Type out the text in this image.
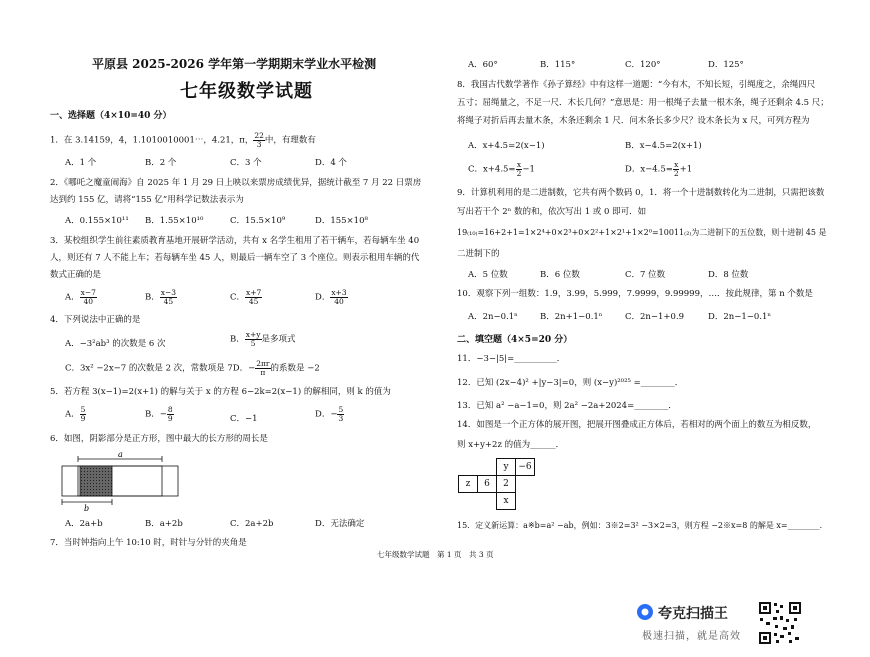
平原县 2025-2026 学年第一学期期末学业水平检测
七年级数学试题
一、选择题（4×10=40 分）
1．在 3.14159，4，1.1010010001⋯，4.21，π， $\frac{22}{3}$ 中，有理数有
A．1 个	B．2 个	C．3 个	D．4 个
2．《哪吒之魔童闹海》自 2025 年 1 月 29 日上映以来票房成绩优异，据统计截至 7 月 22 日票房
达到约 155 亿，请将“155 亿”用科学记数法表示为
A．0.155×10¹¹ B．1.55×10¹⁰	C．15.5×10⁹	D．155×10⁸
3．某校组织学生前往素质教育基地开展研学活动，共有 x 名学生租用了若干辆车，若每辆车坐 40
人，则还有 7 人不能上车；若每辆车坐 45 人，则最后一辆车空了 3 个座位。则表示租用车辆的代
数式正确的是
A． $\frac{x-7}{40}$	B． $\frac{x-3}{45}$	C． $\frac{x+7}{45}$	D． $\frac{x+3}{40}$
4．下列说法中正确的是
A．−3²ab³ 的次数是 6 次	B． $\frac{x+y}{5}$ 是多项式
C．3x² −2x−7 的次数是 2 次，常数项是 7D．− $\frac{2\pi r}{\pi}$ 的系数是 −2
5．若方程 3(x−1)=2(x+1) 的解与关于 x 的方程 6−2k=2(x−1) 的解相同，则 k 的值为
A． $\frac{5}{9}$	B．− $\frac{8}{9}$	C．−1	D．− $\frac{5}{3}$
6．如图，阴影部分是正方形，图中最大的长方形的周长是
a
b
A．2a+b	B．a+2b	C．2a+2b	D．无法确定
7．当时钟指向上午 10:10 时，时针与分针的夹角是
A．60°	B．115°	C．120°	D．125°
8．我国古代数学著作《孙子算经》中有这样一道题：“今有木，不知长短，引绳度之，余绳四尺
五寸；屈绳量之，不足一尺．木长几何？”意思是：用一根绳子去量一根木条，绳子还剩余 4.5 尺；
将绳子对折后再去量木条，木条还剩余 1 尺．问木条长多少尺？设木条长为 x 尺，可列方程为
A．x+4.5=2(x−1)	B．x−4.5=2(x+1)
C．$x+4.5= \frac{x}{2} -1$	D．$x-4.5= \frac{x}{2} +1$
9．计算机利用的是二进制数，它共有两个数码 0，1．将一个十进制数转化为二进制，只需把该数
写出若干个 2ⁿ 数的和，依次写出 1 或 0 即可．如
19₍₁₀₎=16+2+1=1×2⁴+0×2³+0×2²+1×2¹+1×2⁰=10011₍₂₎为二进制下的五位数，则十进制 45 是
二进制下的
A．5 位数	B．6 位数	C．7 位数	D．8 位数
10．观察下列一组数：1.9，3.99，5.999，7.9999，9.99999，…．按此规律，第 n 个数是
A．2n−0.1ⁿ	B．2n+1−0.1ⁿ	C．2n−1+0.9	D．2n−1−0.1ⁿ
二、填空题（4×5=20 分）
11．−3−|5|=__________．
12．已知 (2x−4)² +|y−3|=0，则 (x−y)²⁰²⁵ =________．
13．已知 a² −a−1=0，则 2a² −2a+2024=________．
14．如图是一个正方体的展开图，把展开图叠成正方体后，若相对的两个面上的数互为相反数，
则 x+y+2z 的值为______．
		y	−6
z	6	2	
		x	
15．定义新运算：a※b=a² −ab，例如：3※2=3² −3×2=3，则方程 −2※x=8 的解是 x=________．
七年级数学试题　第 1 页　共 3 页
夸克扫描王
极速扫描，就是高效
